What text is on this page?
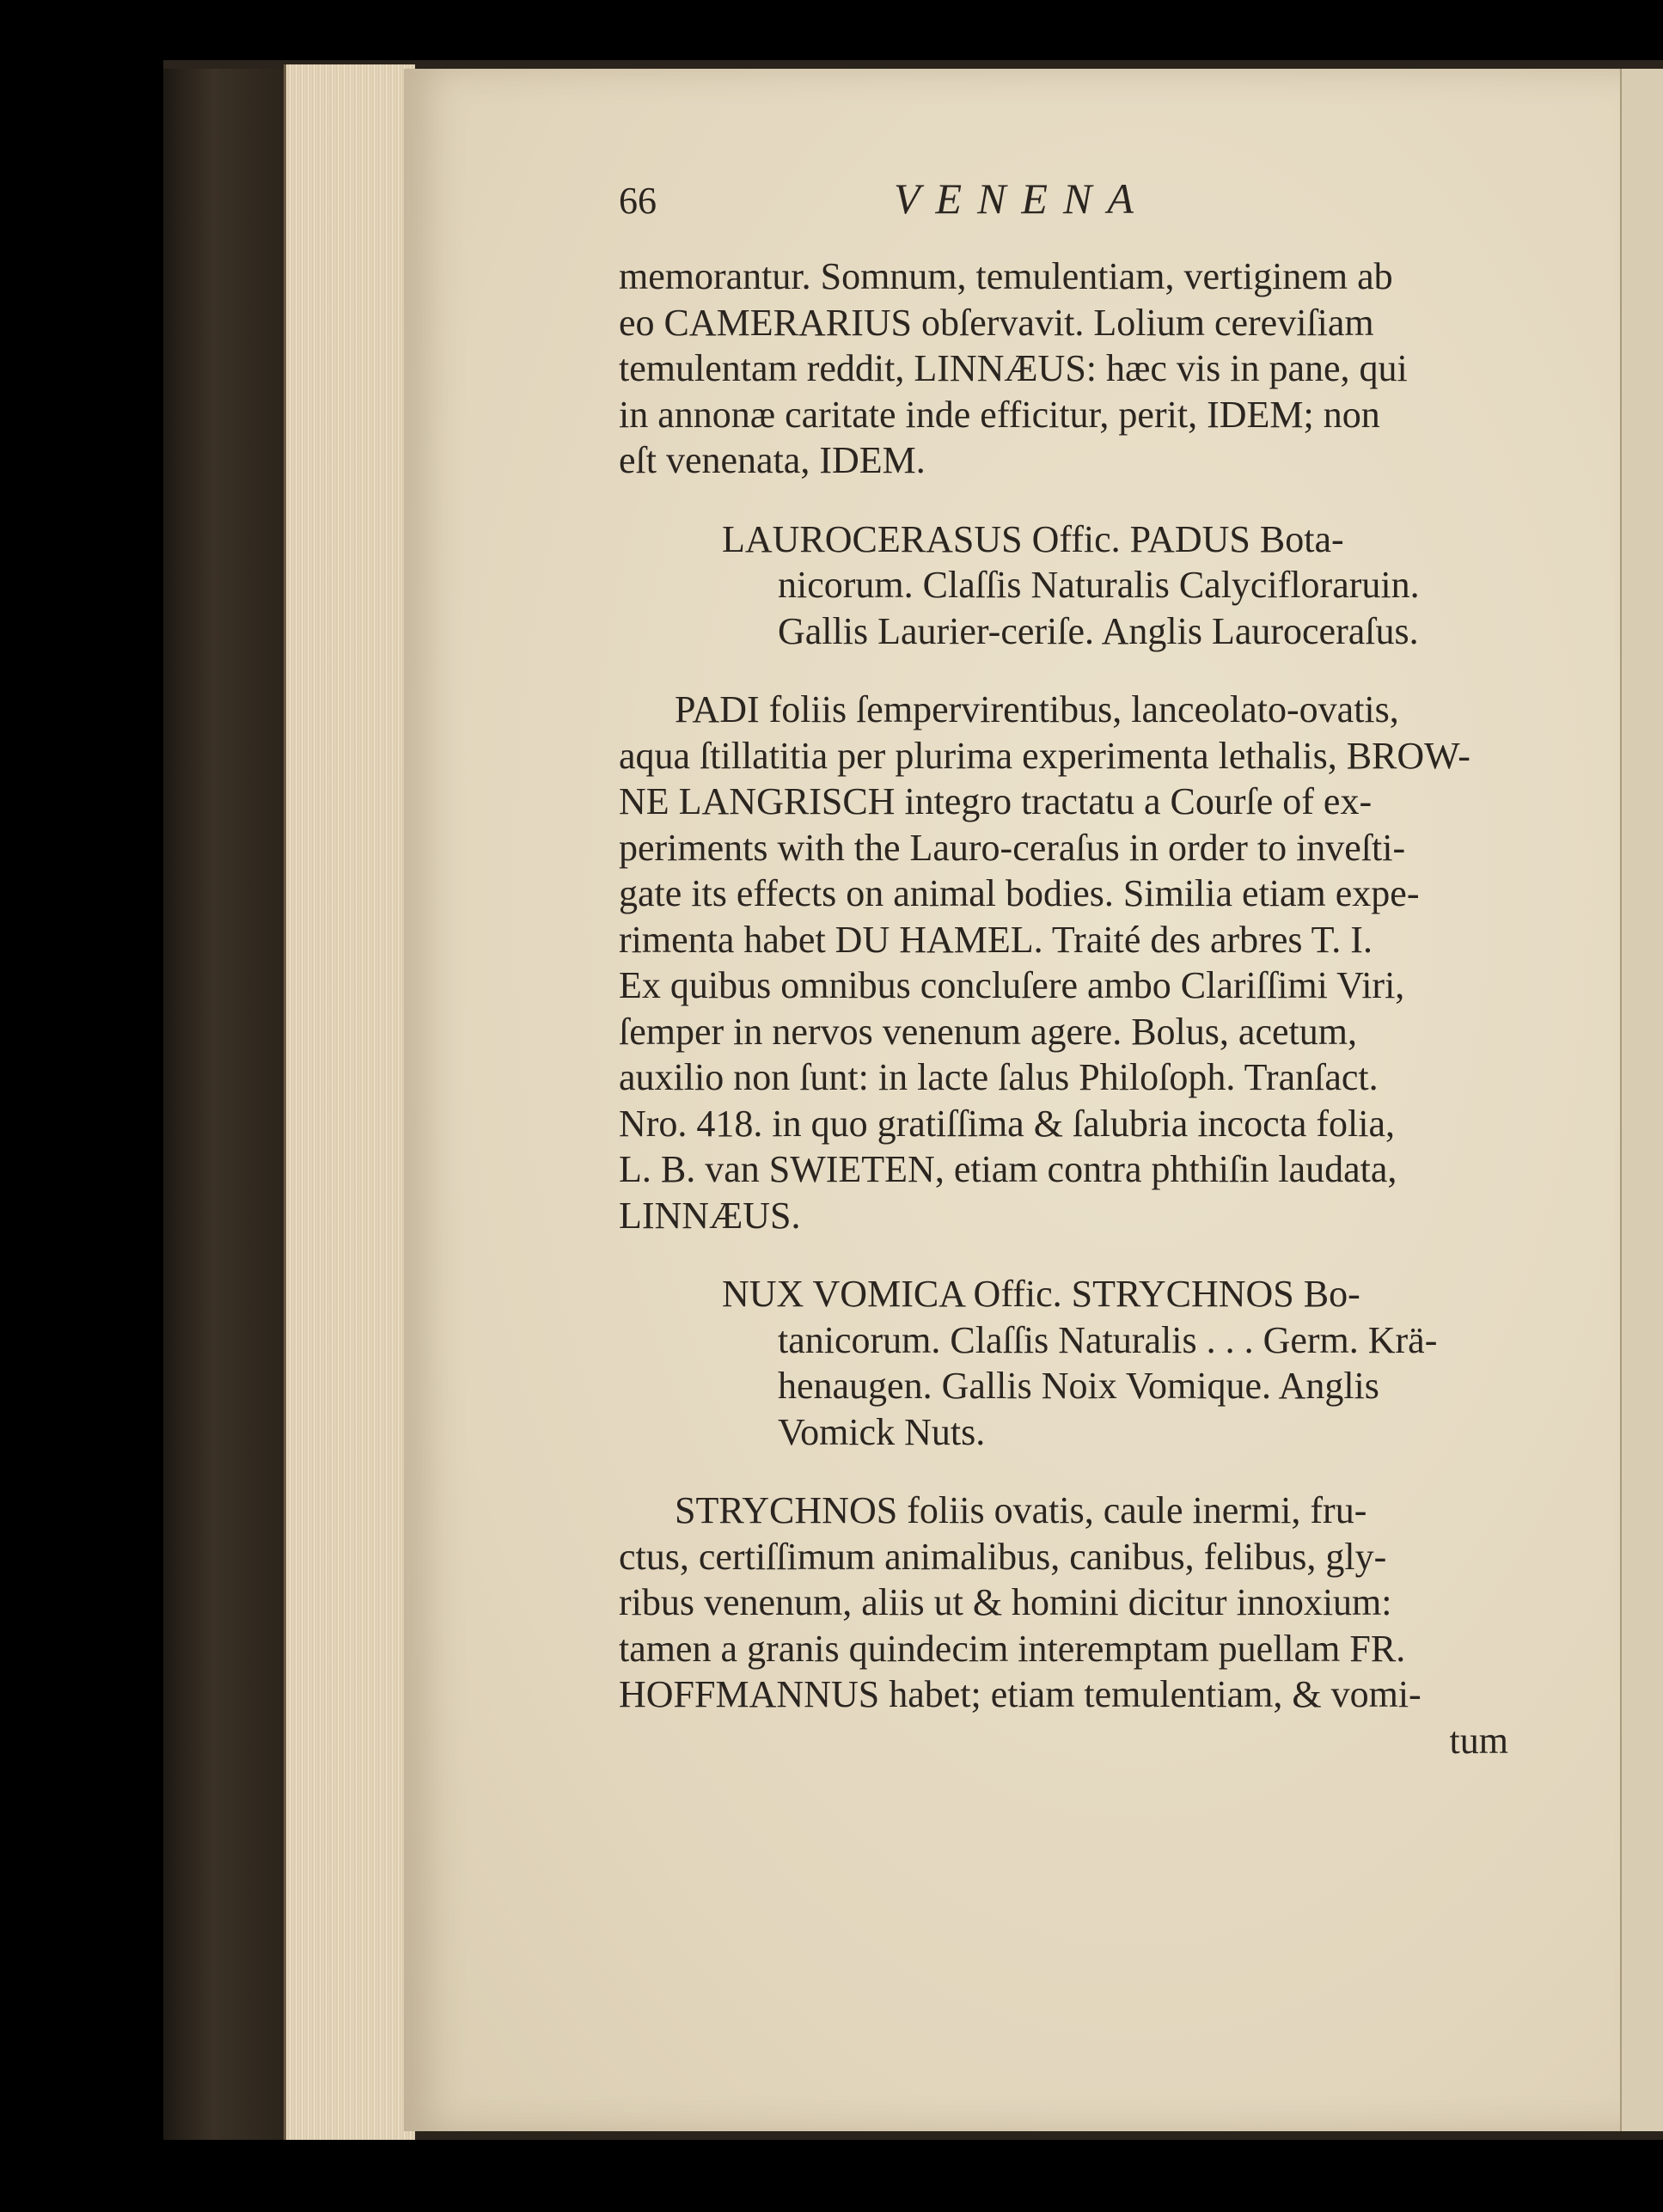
66	VENENA
memorantur. Somnum, temulentiam, vertiginem ab
eo CAMERARIUS obſervavit. Lolium cereviſiam
temulentam reddit, LINNÆUS: hæc vis in pane, qui
in annonæ caritate inde efficitur, perit, IDEM; non
eſt venenata, IDEM.
LAUROCERASUS Offic. PADUS Bota-
nicorum. Claſſis Naturalis Calycifloraruin.
Gallis Laurier-ceriſe. Anglis Lauroceraſus.
PADI foliis ſempervirentibus, lanceolato-ovatis,
aqua ſtillatitia per plurima experimenta lethalis, BROW-
NE LANGRISCH integro tractatu a Courſe of ex-
periments with the Lauro-ceraſus in order to inveſti-
gate its effects on animal bodies. Similia etiam expe-
rimenta habet DU HAMEL. Traité des arbres T. I.
Ex quibus omnibus concluſere ambo Clariſſimi Viri,
ſemper in nervos venenum agere. Bolus, acetum,
auxilio non ſunt: in lacte ſalus Philoſoph. Tranſact.
Nro. 418. in quo gratiſſima & ſalubria incocta folia,
L. B. van SWIETEN, etiam contra phthiſin laudata,
LINNÆUS.
NUX VOMICA Offic. STRYCHNOS Bo-
tanicorum. Claſſis Naturalis . . . Germ. Krä-
henaugen. Gallis Noix Vomique. Anglis
Vomick Nuts.
STRYCHNOS foliis ovatis, caule inermi, fru-
ctus, certiſſimum animalibus, canibus, felibus, gly-
ribus venenum, aliis ut & homini dicitur innoxium:
tamen a granis quindecim interemptam puellam FR.
HOFFMANNUS habet; etiam temulentiam, & vomi-
tum
